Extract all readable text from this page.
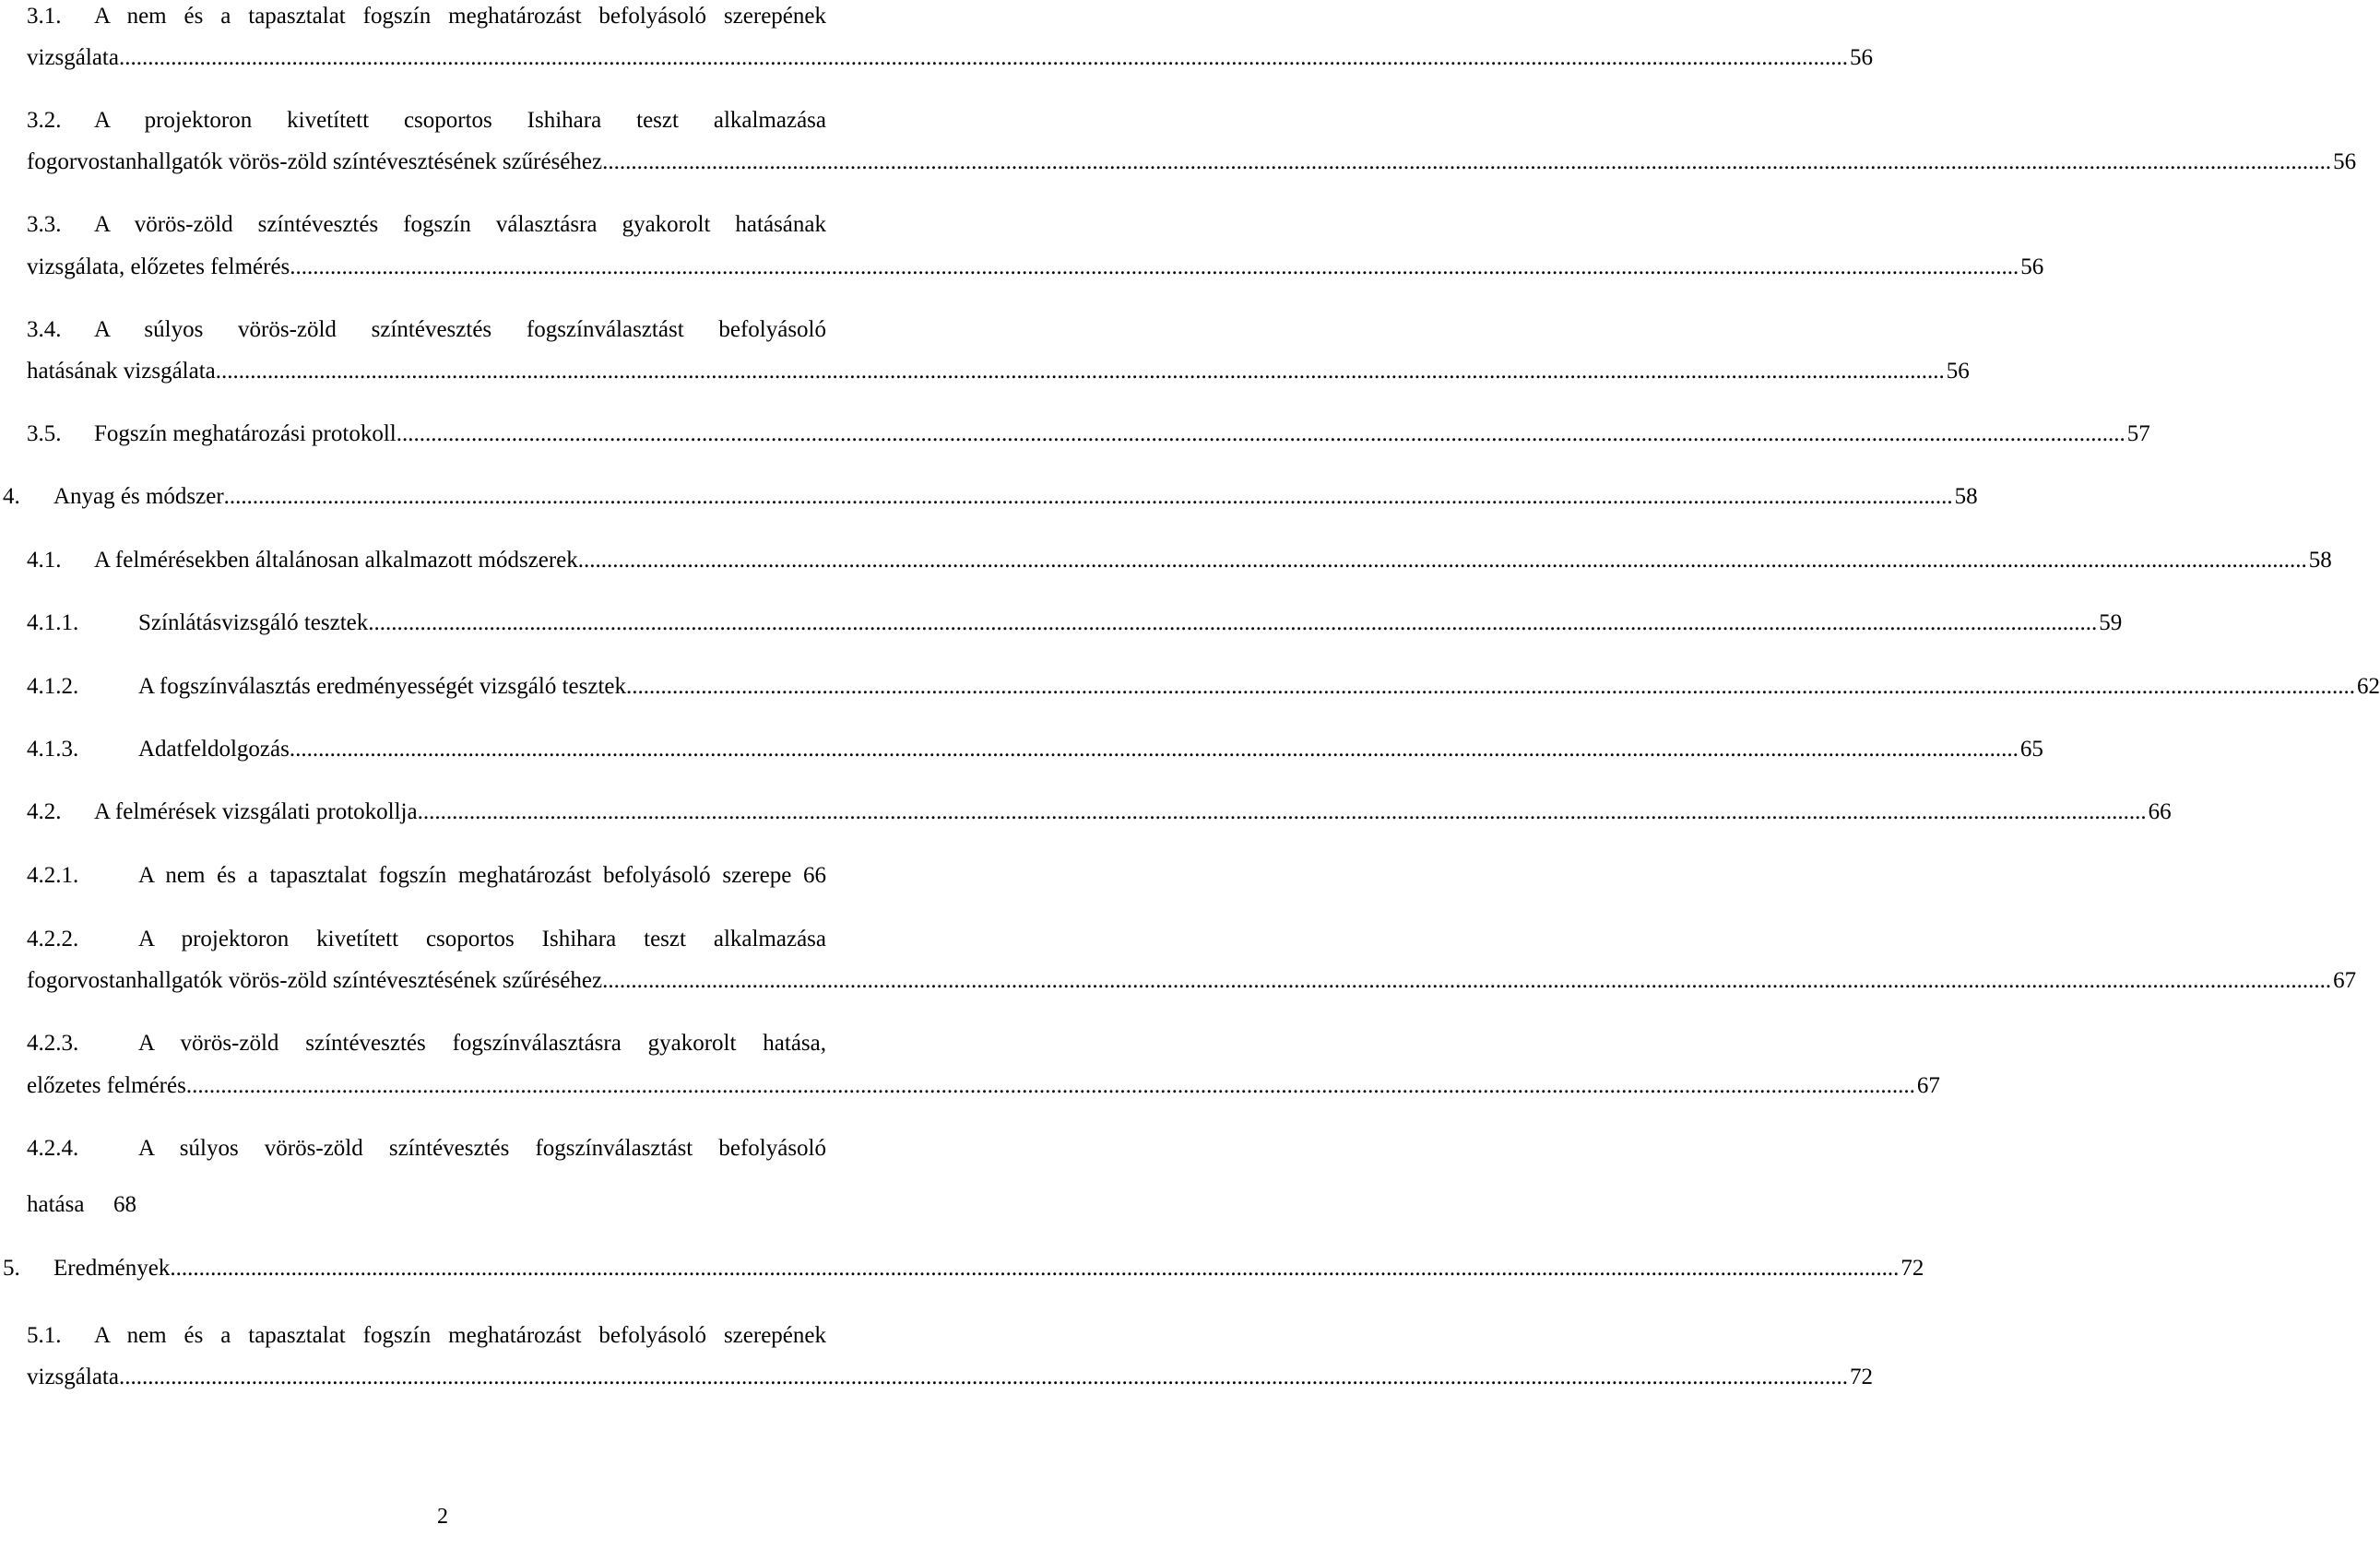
3.1. A nem és a tapasztalat fogszín meghatározást befolyásoló szerepének
vizsgálata ............................................................................................................................................................................................................................................................................................................ 56
3.2. A projektoron kivetített csoportos Ishihara teszt alkalmazása
fogorvostanhallgatók vörös-zöld színtévesztésének szűréséhez ............................................................................................................................................................................................................................................................................................................ 56
3.3. A vörös-zöld színtévesztés fogszín választásra gyakorolt hatásának
vizsgálata, előzetes felmérés ............................................................................................................................................................................................................................................................................................................ 56
3.4. A súlyos vörös-zöld színtévesztés fogszínválasztást befolyásoló
hatásának vizsgálata ............................................................................................................................................................................................................................................................................................................ 56
3.5. Fogszín meghatározási protokoll ............................................................................................................................................................................................................................................................................................................ 57
4. Anyag és módszer ............................................................................................................................................................................................................................................................................................................ 58
4.1. A felmérésekben általánosan alkalmazott módszerek ............................................................................................................................................................................................................................................................................................................ 58
4.1.1.	Színlátásvizsgáló tesztek ............................................................................................................................................................................................................................................................................................................ 59
4.1.2.	A fogszínválasztás eredményességét vizsgáló tesztek ............................................................................................................................................................................................................................................................................................................ 62
4.1.3.	Adatfeldolgozás ............................................................................................................................................................................................................................................................................................................ 65
4.2. A felmérések vizsgálati protokollja ............................................................................................................................................................................................................................................................................................................ 66
4.2.1.	A nem és a tapasztalat fogszín meghatározást befolyásoló szerepe 66
4.2.2.	A projektoron kivetített csoportos Ishihara teszt alkalmazása
fogorvostanhallgatók vörös-zöld színtévesztésének szűréséhez ............................................................................................................................................................................................................................................................................................................ 67
4.2.3.	A vörös-zöld színtévesztés fogszínválasztásra gyakorolt hatása,
előzetes felmérés ............................................................................................................................................................................................................................................................................................................ 67
4.2.4.	A súlyos vörös-zöld színtévesztés fogszínválasztást befolyásoló
hatása 68
5. Eredmények ............................................................................................................................................................................................................................................................................................................ 72
5.1. A nem és a tapasztalat fogszín meghatározást befolyásoló szerepének
vizsgálata ............................................................................................................................................................................................................................................................................................................ 72
2
